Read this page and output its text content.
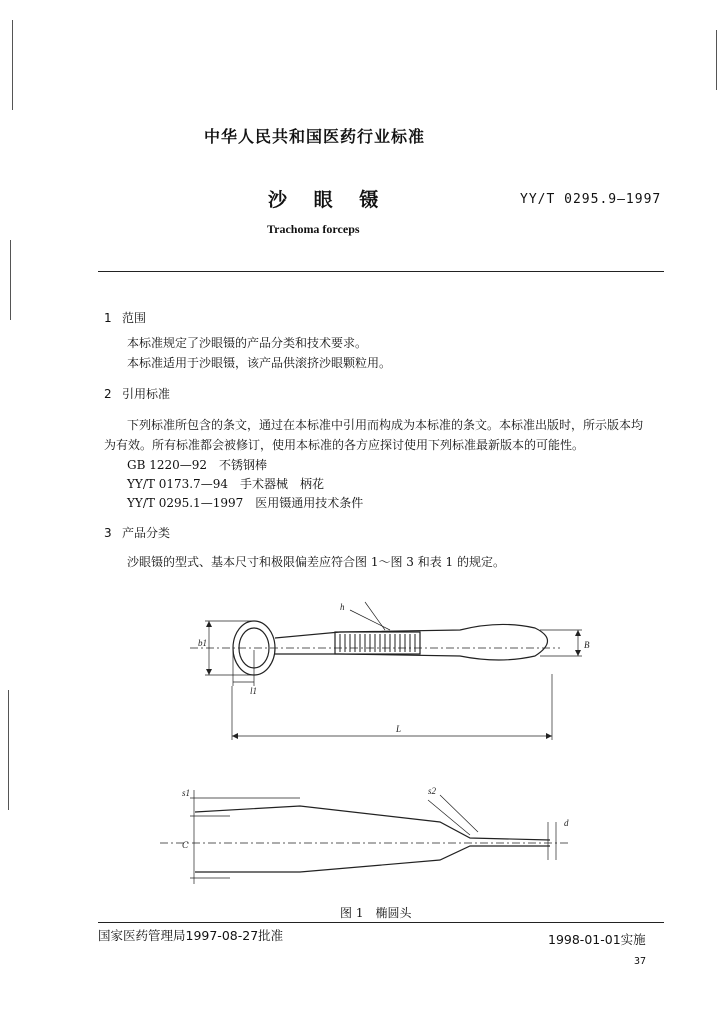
中华人民共和国医药行业标准
沙 眼 镊	YY/T 0295.9—1997
Trachoma forceps
1 范围
本标准规定了沙眼镊的产品分类和技术要求。
本标准适用于沙眼镊，该产品供滚挤沙眼颗粒用。
2 引用标准
下列标准所包含的条文，通过在本标准中引用而构成为本标准的条文。本标准出版时，所示版本均
为有效。所有标准都会被修订，使用本标准的各方应探讨使用下列标准最新版本的可能性。
GB 1220—92　不锈钢棒
YY/T 0173.7—94　手术器械　柄花
YY/T 0295.1—1997　医用镊通用技术条件
3 产品分类
沙眼镊的型式、基本尺寸和极限偏差应符合图 1～图 3 和表 1 的规定。
b1
l1
h
B
L
C
d
s1	s2
图 1　椭圆头
国家医药管理局1997-08-27批准	1998-01-01实施
37
